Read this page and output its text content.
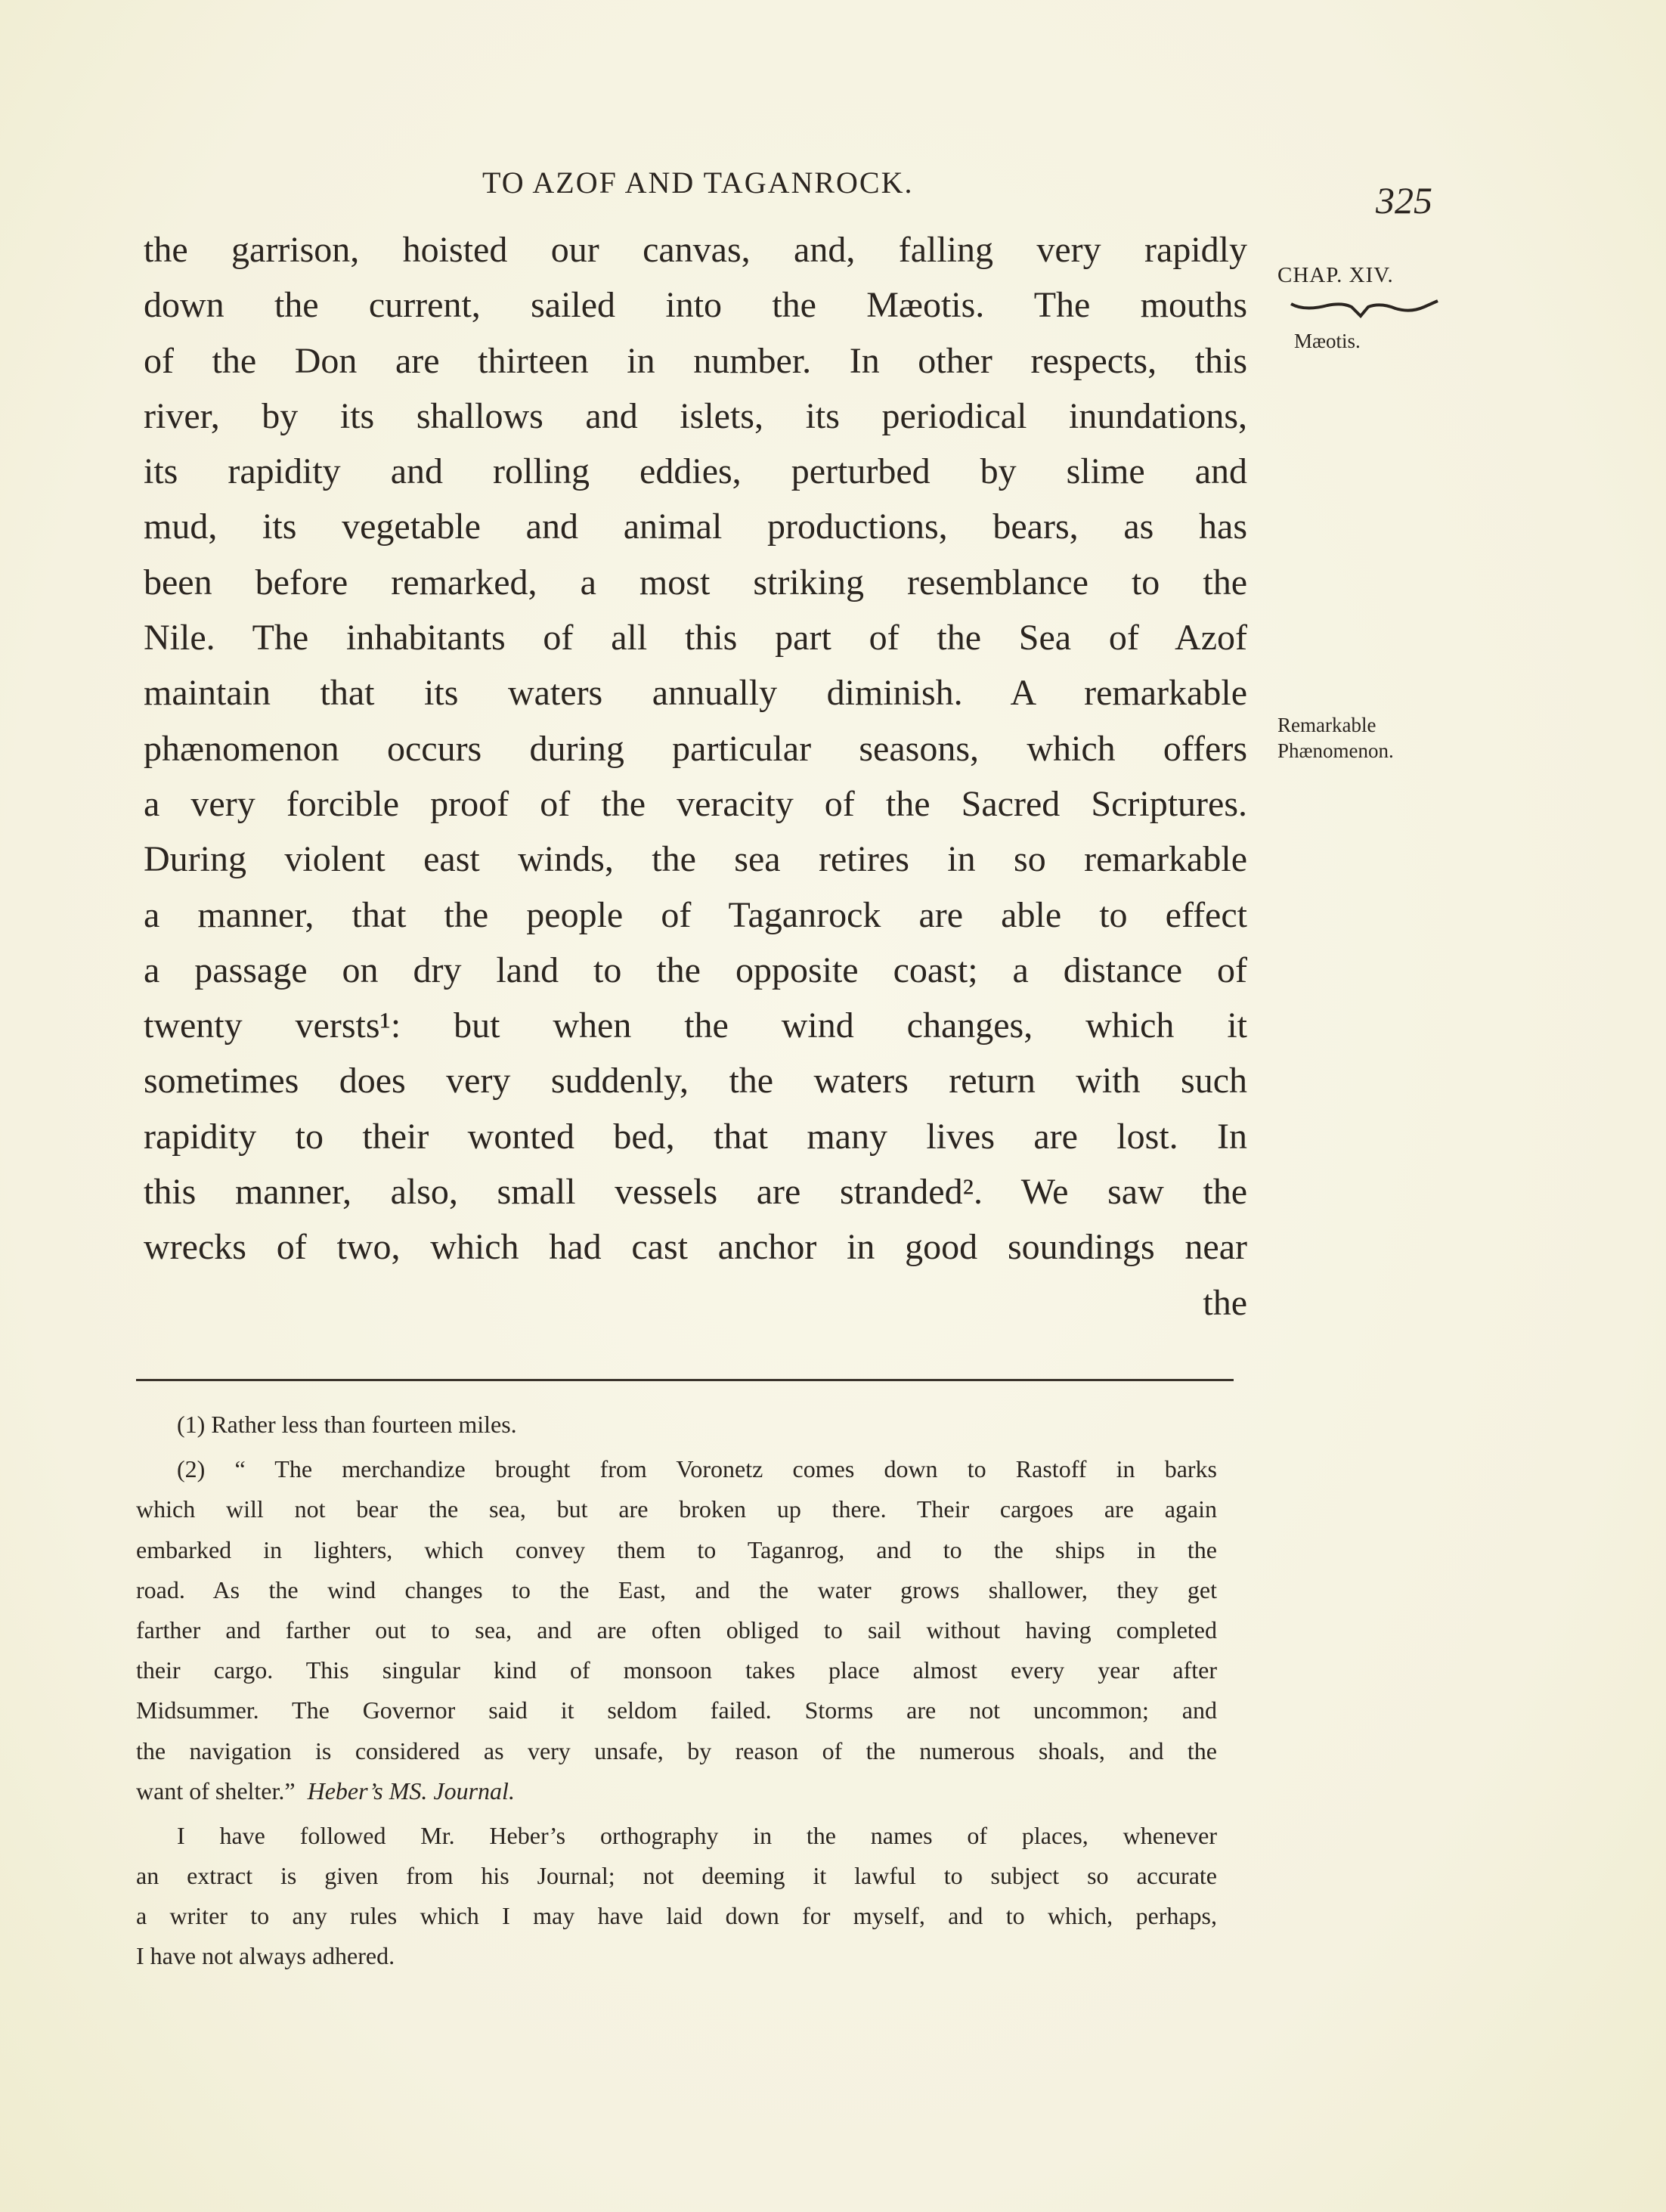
TO AZOF AND TAGANROCK.	325
the garrison, hoisted our canvas, and, falling very rapidly
down the current, sailed into the Mæotis. The mouths
of the Don are thirteen in number. In other respects, this
river, by its shallows and islets, its periodical inundations,
its rapidity and rolling eddies, perturbed by slime and
mud, its vegetable and animal productions, bears, as has
been before remarked, a most striking resemblance to the
Nile. The inhabitants of all this part of the Sea of Azof
maintain that its waters annually diminish. A remarkable
phænomenon occurs during particular seasons, which offers
a very forcible proof of the veracity of the Sacred Scriptures.
During violent east winds, the sea retires in so remarkable
a manner, that the people of Taganrock are able to effect
a passage on dry land to the opposite coast; a distance of
twenty versts¹: but when the wind changes, which it
sometimes does very suddenly, the waters return with such
rapidity to their wonted bed, that many lives are lost. In
this manner, also, small vessels are stranded². We saw the
wrecks of two, which had cast anchor in good soundings near
the
CHAP. XIV.
Mæotis.
Remarkable
Phænomenon.
(1) Rather less than fourteen miles.
(2) “ The merchandize brought from Voronetz comes down to Rastoff in barks
which will not bear the sea, but are broken up there. Their cargoes are again
embarked in lighters, which convey them to Taganrog, and to the ships in the
road. As the wind changes to the East, and the water grows shallower, they get
farther and farther out to sea, and are often obliged to sail without having completed
their cargo. This singular kind of monsoon takes place almost every year after
Midsummer. The Governor said it seldom failed. Storms are not uncommon; and
the navigation is considered as very unsafe, by reason of the numerous shoals, and the
want of shelter.” Heber’s MS. Journal.
I have followed Mr. Heber’s orthography in the names of places, whenever
an extract is given from his Journal; not deeming it lawful to subject so accurate
a writer to any rules which I may have laid down for myself, and to which, perhaps,
I have not always adhered.
